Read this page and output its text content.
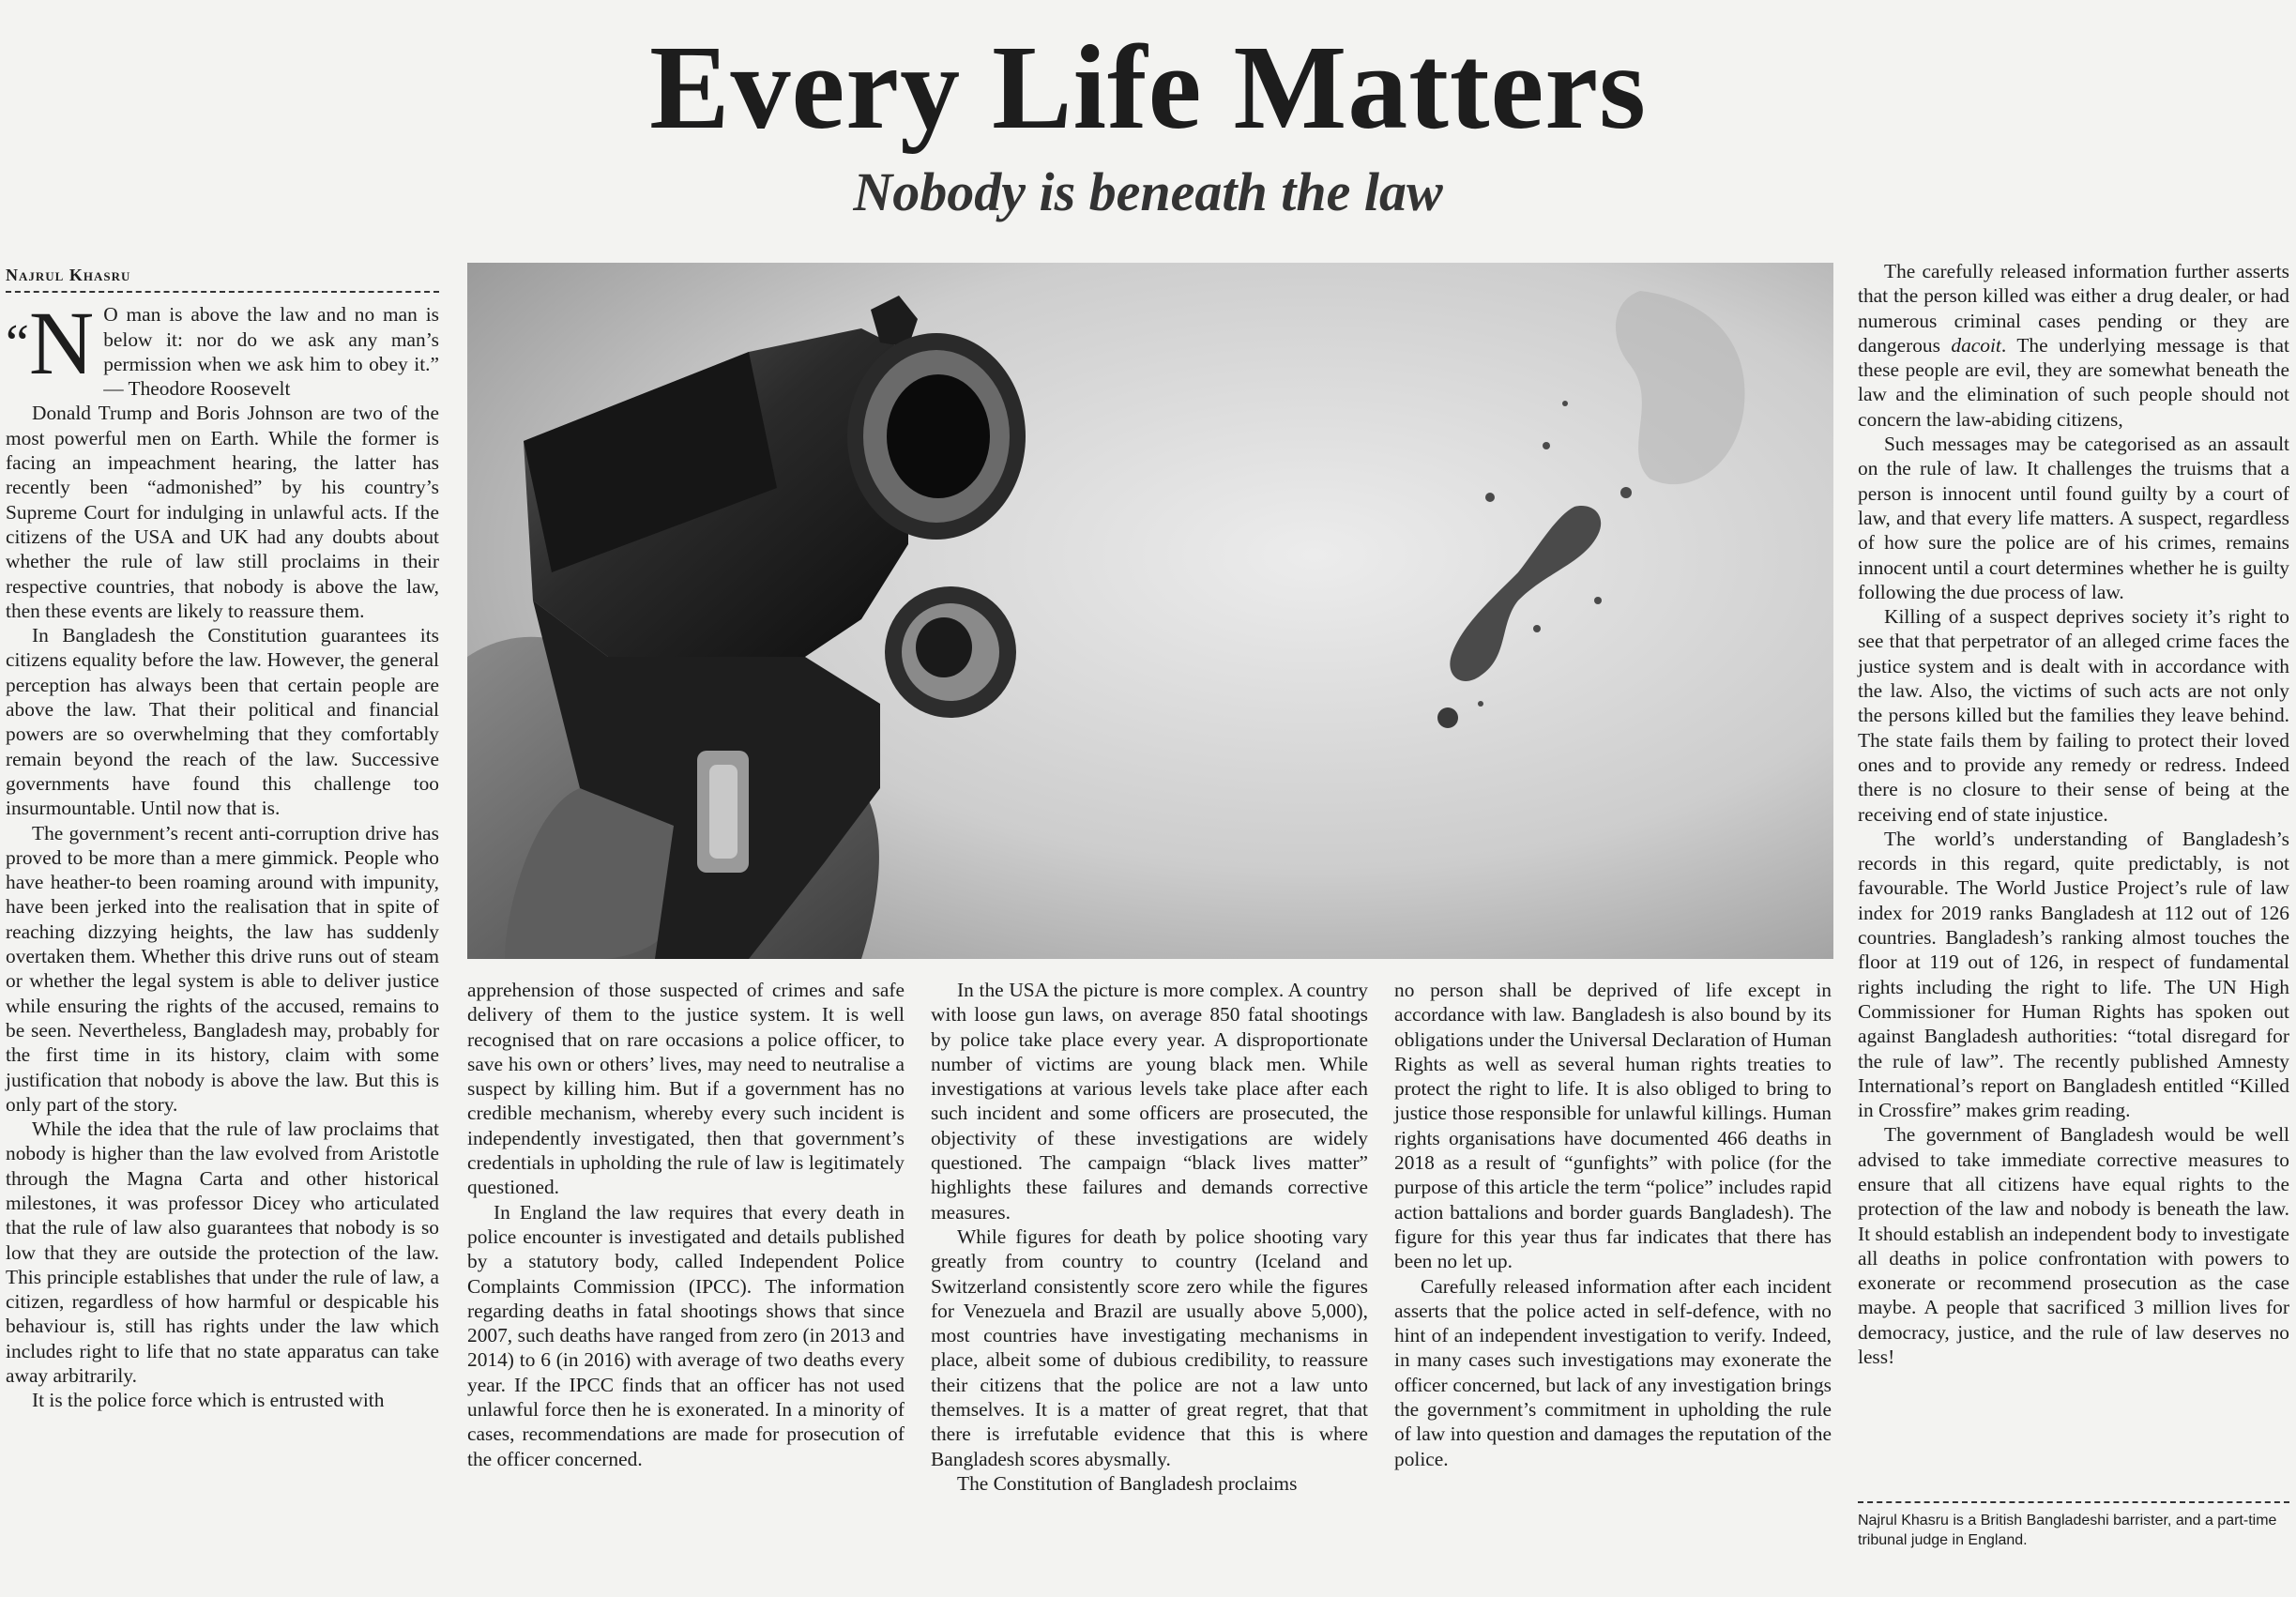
Every Life Matters
Nobody is beneath the law
Najrul Khasru

“N O man is above the law and no man is below it: nor do we ask any man’s permission when we ask him to obey it.” — Theodore Roosevelt

Donald Trump and Boris Johnson are two of the most powerful men on Earth. While the former is facing an impeachment hearing, the latter has recently been “admonished” by his country’s Supreme Court for indulging in unlawful acts. If the citizens of the USA and UK had any doubts about whether the rule of law still proclaims in their respective countries, that nobody is above the law, then these events are likely to reassure them.

In Bangladesh the Constitution guarantees its citizens equality before the law. However, the general perception has always been that certain people are above the law. That their political and financial powers are so overwhelming that they comfortably remain beyond the reach of the law. Successive governments have found this challenge too insurmountable. Until now that is.

The government’s recent anti-corruption drive has proved to be more than a mere gimmick. People who have heather-to been roaming around with impunity, have been jerked into the realisation that in spite of reaching dizzying heights, the law has suddenly overtaken them. Whether this drive runs out of steam or whether the legal system is able to deliver justice while ensuring the rights of the accused, remains to be seen. Nevertheless, Bangladesh may, probably for the first time in its history, claim with some justification that nobody is above the law. But this is only part of the story.

While the idea that the rule of law proclaims that nobody is higher than the law evolved from Aristotle through the Magna Carta and other historical milestones, it was professor Dicey who articulated that the rule of law also guarantees that nobody is so low that they are outside the protection of the law. This principle establishes that under the rule of law, a citizen, regardless of how harmful or despicable his behaviour is, still has rights under the law which includes right to life that no state apparatus can take away arbitrarily.

It is the police force which is entrusted with

apprehension of those suspected of crimes and safe delivery of them to the justice system. It is well recognised that on rare occasions a police officer, to save his own or others’ lives, may need to neutralise a suspect by killing him. But if a government has no credible mechanism, whereby every such incident is independently investigated, then that government’s credentials in upholding the rule of law is legitimately questioned.

In England the law requires that every death in police encounter is investigated and details published by a statutory body, called Independent Police Complaints Commission (IPCC). The information regarding deaths in fatal shootings shows that since 2007, such deaths have ranged from zero (in 2013 and 2014) to 6 (in 2016) with average of two deaths every year. If the IPCC finds that an officer has not used unlawful force then he is exonerated. In a minority of cases, recommendations are made for prosecution of the officer concerned.

In the USA the picture is more complex. A country with loose gun laws, on average 850 fatal shootings by police take place every year. A disproportionate number of victims are young black men. While investigations at various levels take place after each such incident and some officers are prosecuted, the objectivity of these investigations are widely questioned. The campaign “black lives matter” highlights these failures and demands corrective measures.

While figures for death by police shooting vary greatly from country to country (Iceland and Switzerland consistently score zero while the figures for Venezuela and Brazil are usually above 5,000), most countries have investigating mechanisms in place, albeit some of dubious credibility, to reassure their citizens that the police are not a law unto themselves. It is a matter of great regret, that that there is irrefutable evidence that this is where Bangladesh scores abysmally.

The Constitution of Bangladesh proclaims

no person shall be deprived of life except in accordance with law. Bangladesh is also bound by its obligations under the Universal Declaration of Human Rights as well as several human rights treaties to protect the right to life. It is also obliged to bring to justice those responsible for unlawful killings. Human rights organisations have documented 466 deaths in 2018 as a result of “gunfights” with police (for the purpose of this article the term “police” includes rapid action battalions and border guards Bangladesh). The figure for this year thus far indicates that there has been no let up.

Carefully released information after each incident asserts that the police acted in self-defence, with no hint of an independent investigation to verify. Indeed, in many cases such investigations may exonerate the officer concerned, but lack of any investigation brings the government’s commitment in upholding the rule of law into question and damages the reputation of the police.

The carefully released information further asserts that the person killed was either a drug dealer, or had numerous criminal cases pending or they are dangerous dacoit. The underlying message is that these people are evil, they are somewhat beneath the law and the elimination of such people should not concern the law-abiding citizens,

Such messages may be categorised as an assault on the rule of law. It challenges the truisms that a person is innocent until found guilty by a court of law, and that every life matters. A suspect, regardless of how sure the police are of his crimes, remains innocent until a court determines whether he is guilty following the due process of law.

Killing of a suspect deprives society it’s right to see that that perpetrator of an alleged crime faces the justice system and is dealt with in accordance with the law. Also, the victims of such acts are not only the persons killed but the families they leave behind. The state fails them by failing to protect their loved ones and to provide any remedy or redress. Indeed there is no closure to their sense of being at the receiving end of state injustice.

The world’s understanding of Bangladesh’s records in this regard, quite predictably, is not favourable. The World Justice Project’s rule of law index for 2019 ranks Bangladesh at 112 out of 126 countries. Bangladesh’s ranking almost touches the floor at 119 out of 126, in respect of fundamental rights including the right to life. The UN High Commissioner for Human Rights has spoken out against Bangladesh authorities: “total disregard for the rule of law”. The recently published Amnesty International’s report on Bangladesh entitled “Killed in Crossfire” makes grim reading.

The government of Bangladesh would be well advised to take immediate corrective measures to ensure that all citizens have equal rights to the protection of the law and nobody is beneath the law. It should establish an independent body to investigate all deaths in police confrontation with powers to exonerate or recommend prosecution as the case maybe. A people that sacrificed 3 million lives for democracy, justice, and the rule of law deserves no less!

Najrul Khasru is a British Bangladeshi barrister, and a part-time tribunal judge in England.
